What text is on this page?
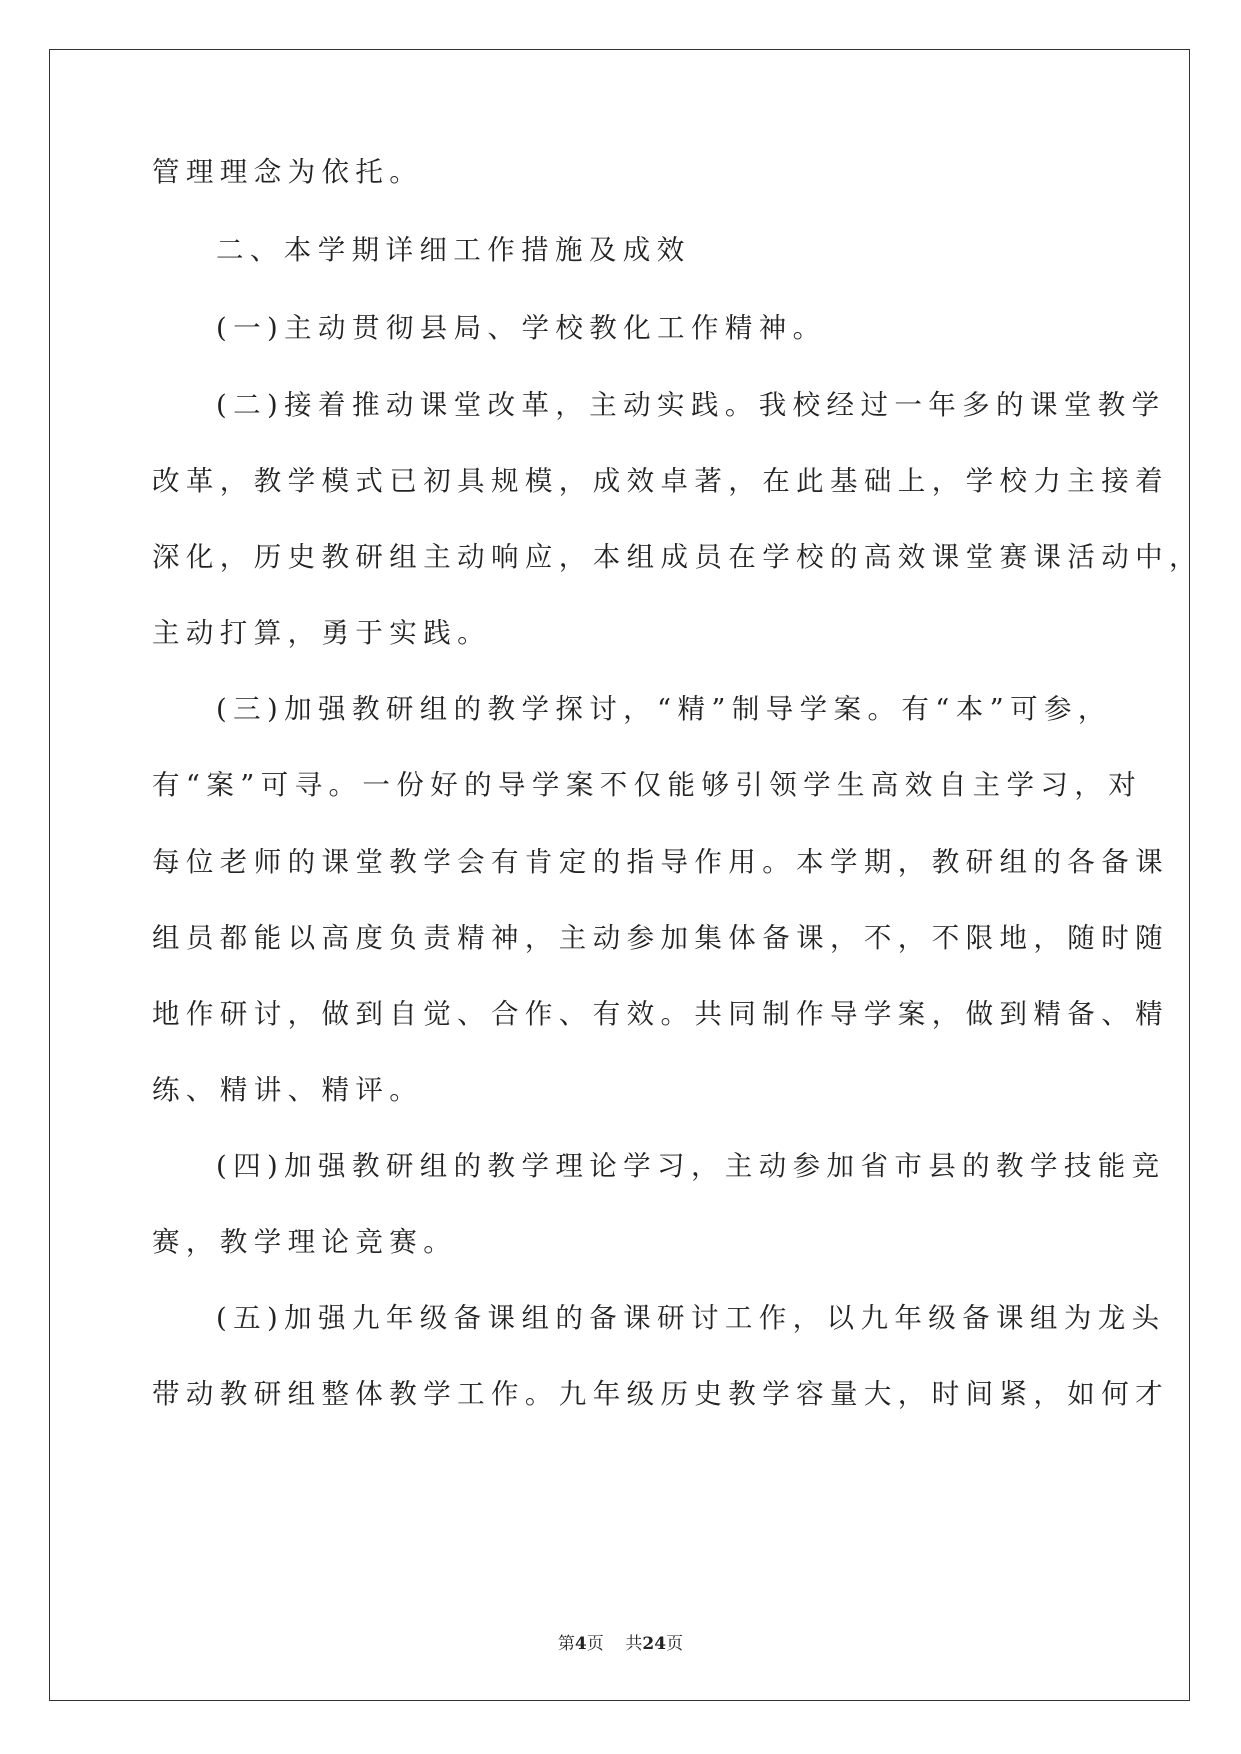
管理理念为依托。
二、本学期详细工作措施及成效
(一)主动贯彻县局、学校教化工作精神。
(二)接着推动课堂改革，主动实践。我校经过一年多的课堂教学
改革，教学模式已初具规模，成效卓著，在此基础上，学校力主接着
深化，历史教研组主动响应，本组成员在学校的高效课堂赛课活动中，
主动打算，勇于实践。
(三)加强教研组的教学探讨，“精”制导学案。有“本”可参，
有“案”可寻。一份好的导学案不仅能够引领学生高效自主学习，对
每位老师的课堂教学会有肯定的指导作用。本学期，教研组的各备课
组员都能以高度负责精神，主动参加集体备课，不，不限地，随时随
地作研讨，做到自觉、合作、有效。共同制作导学案，做到精备、精
练、精讲、精评。
(四)加强教研组的教学理论学习，主动参加省市县的教学技能竞
赛，教学理论竞赛。
(五)加强九年级备课组的备课研讨工作，以九年级备课组为龙头
带动教研组整体教学工作。九年级历史教学容量大，时间紧，如何才
第4页    共24页
